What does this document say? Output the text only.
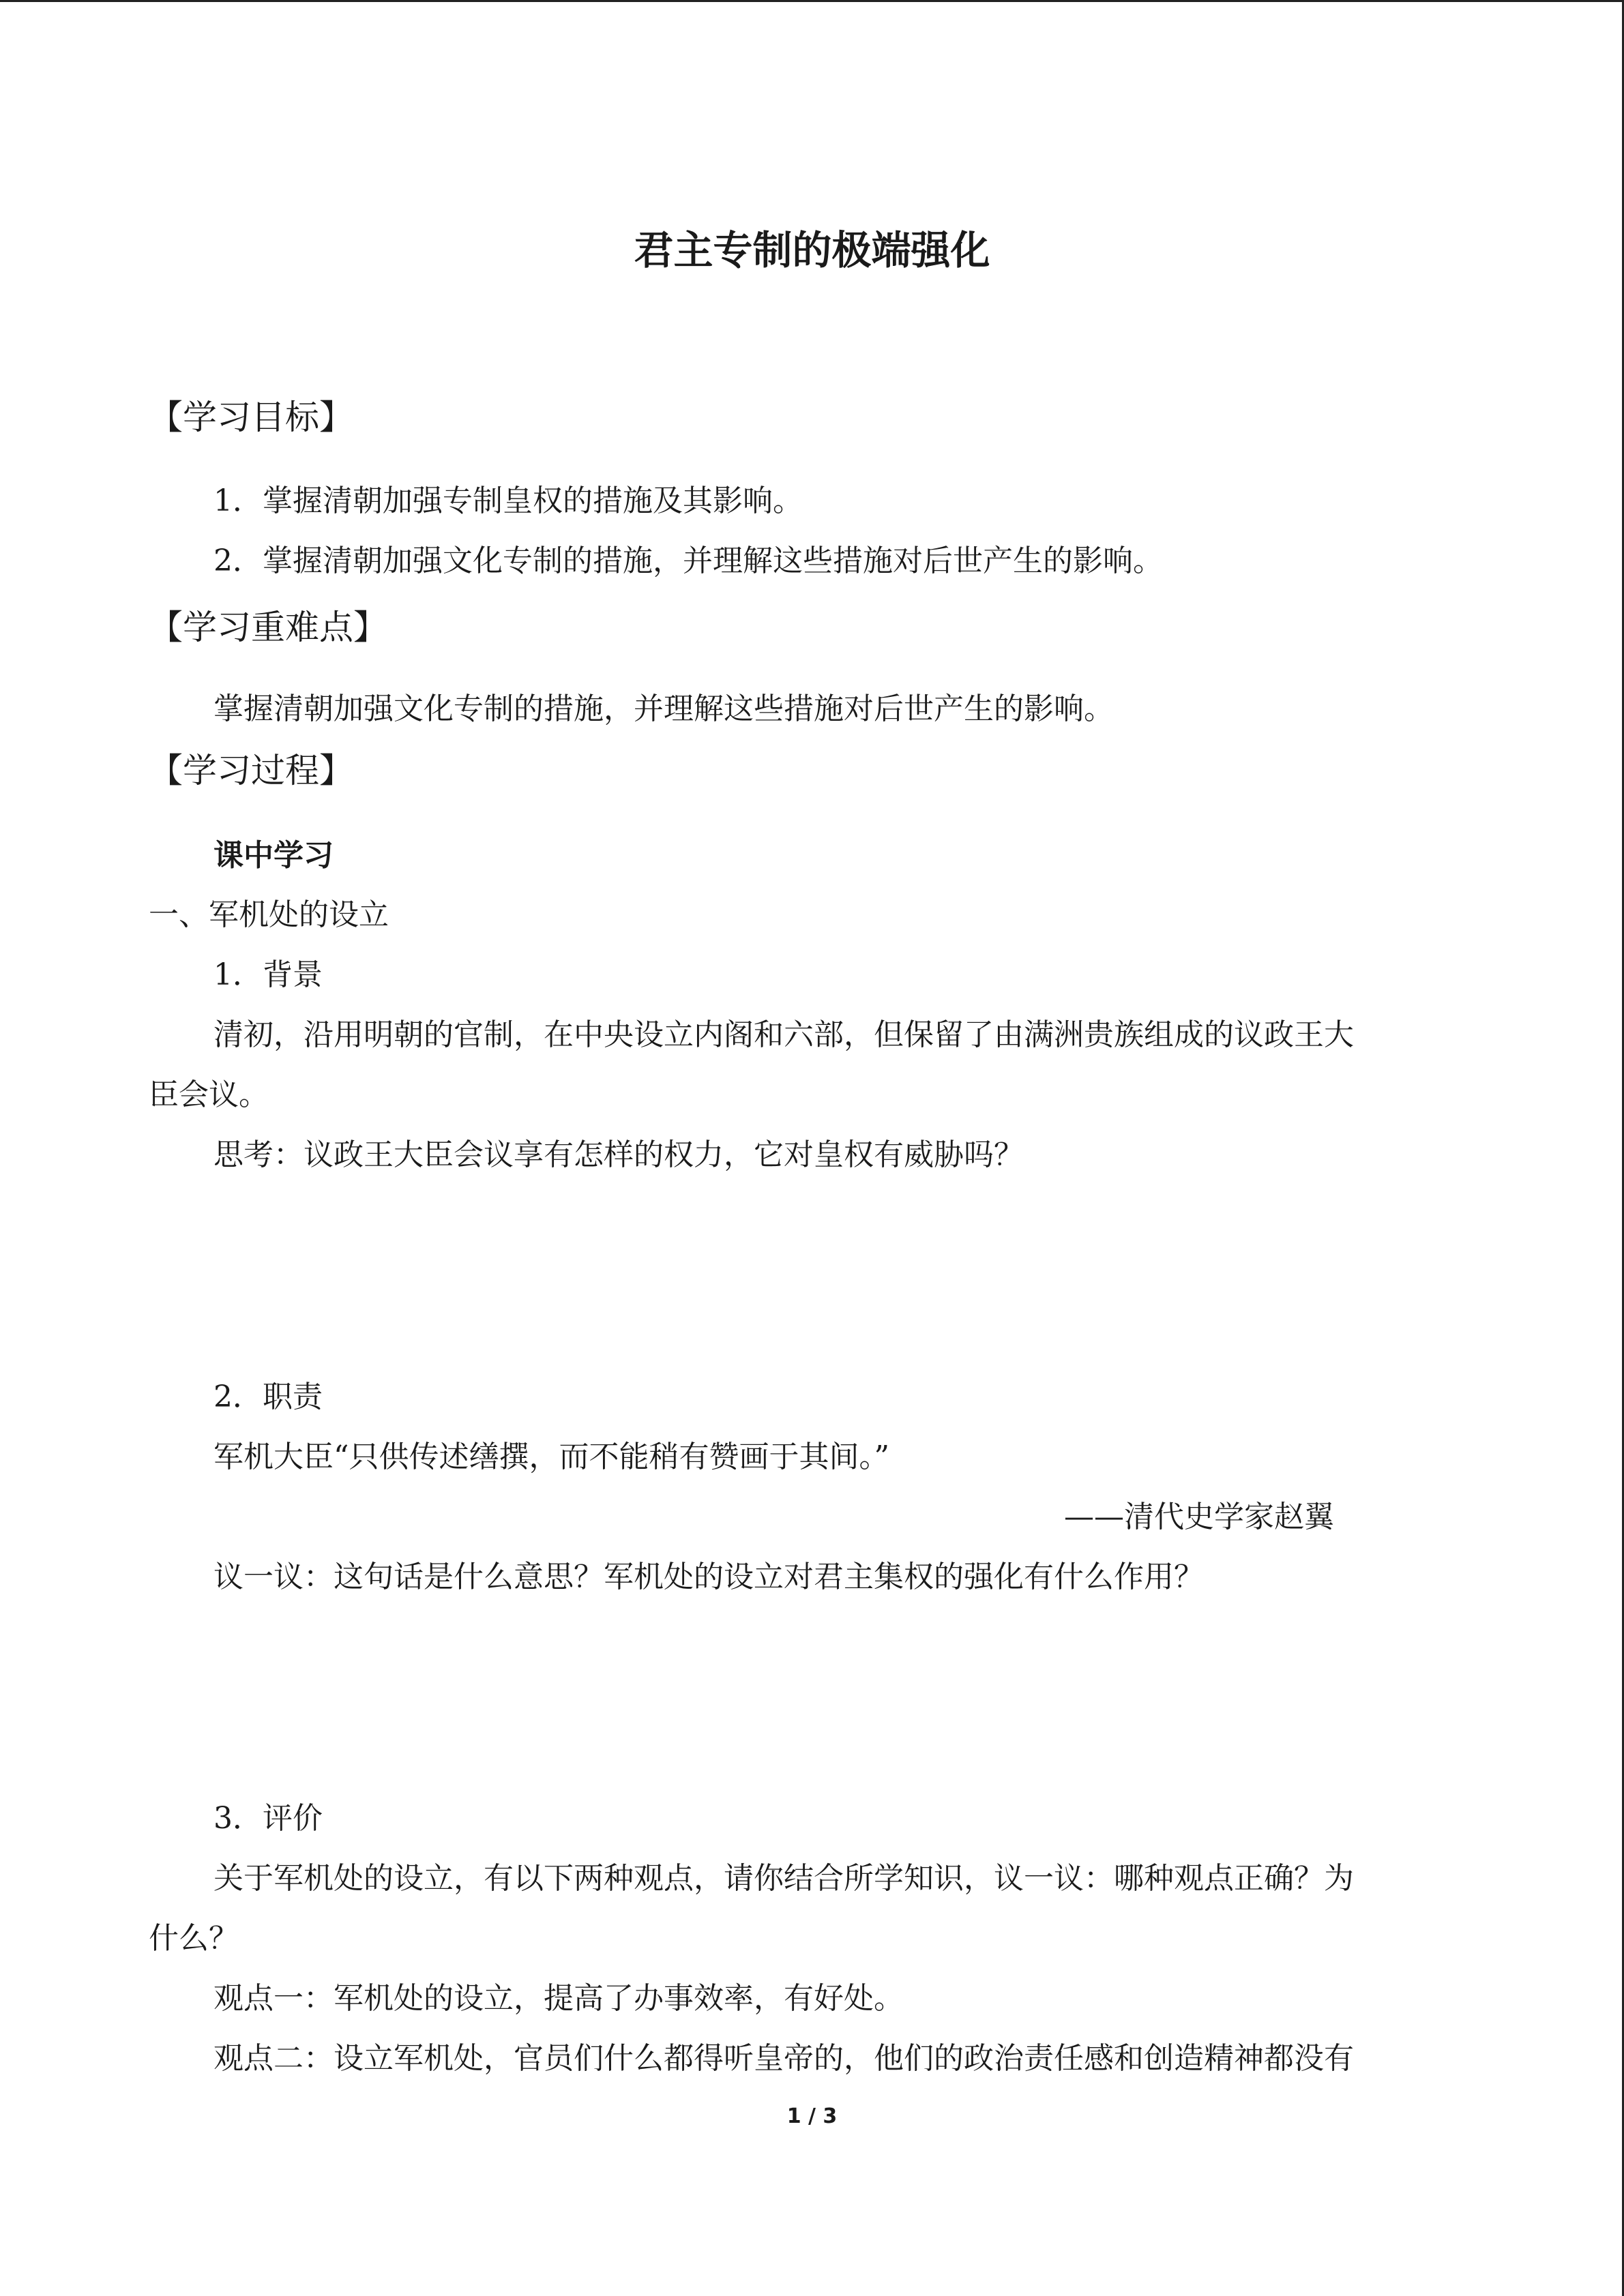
君主专制的极端强化
【学习目标】
1．掌握清朝加强专制皇权的措施及其影响。
2．掌握清朝加强文化专制的措施，并理解这些措施对后世产生的影响。
【学习重难点】
掌握清朝加强文化专制的措施，并理解这些措施对后世产生的影响。
【学习过程】
课中学习
一、军机处的设立
1．背景
清初，沿用明朝的官制，在中央设立内阁和六部，但保留了由满洲贵族组成的议政王大
臣会议。
思考：议政王大臣会议享有怎样的权力，它对皇权有威胁吗？
2．职责
军机大臣“只供传述缮撰，而不能稍有赞画于其间。”
——清代史学家赵翼
议一议：这句话是什么意思？军机处的设立对君主集权的强化有什么作用？
3．评价
关于军机处的设立，有以下两种观点，请你结合所学知识，议一议：哪种观点正确？为
什么？
观点一：军机处的设立，提高了办事效率，有好处。
观点二：设立军机处，官员们什么都得听皇帝的，他们的政治责任感和创造精神都没有
1 / 3
